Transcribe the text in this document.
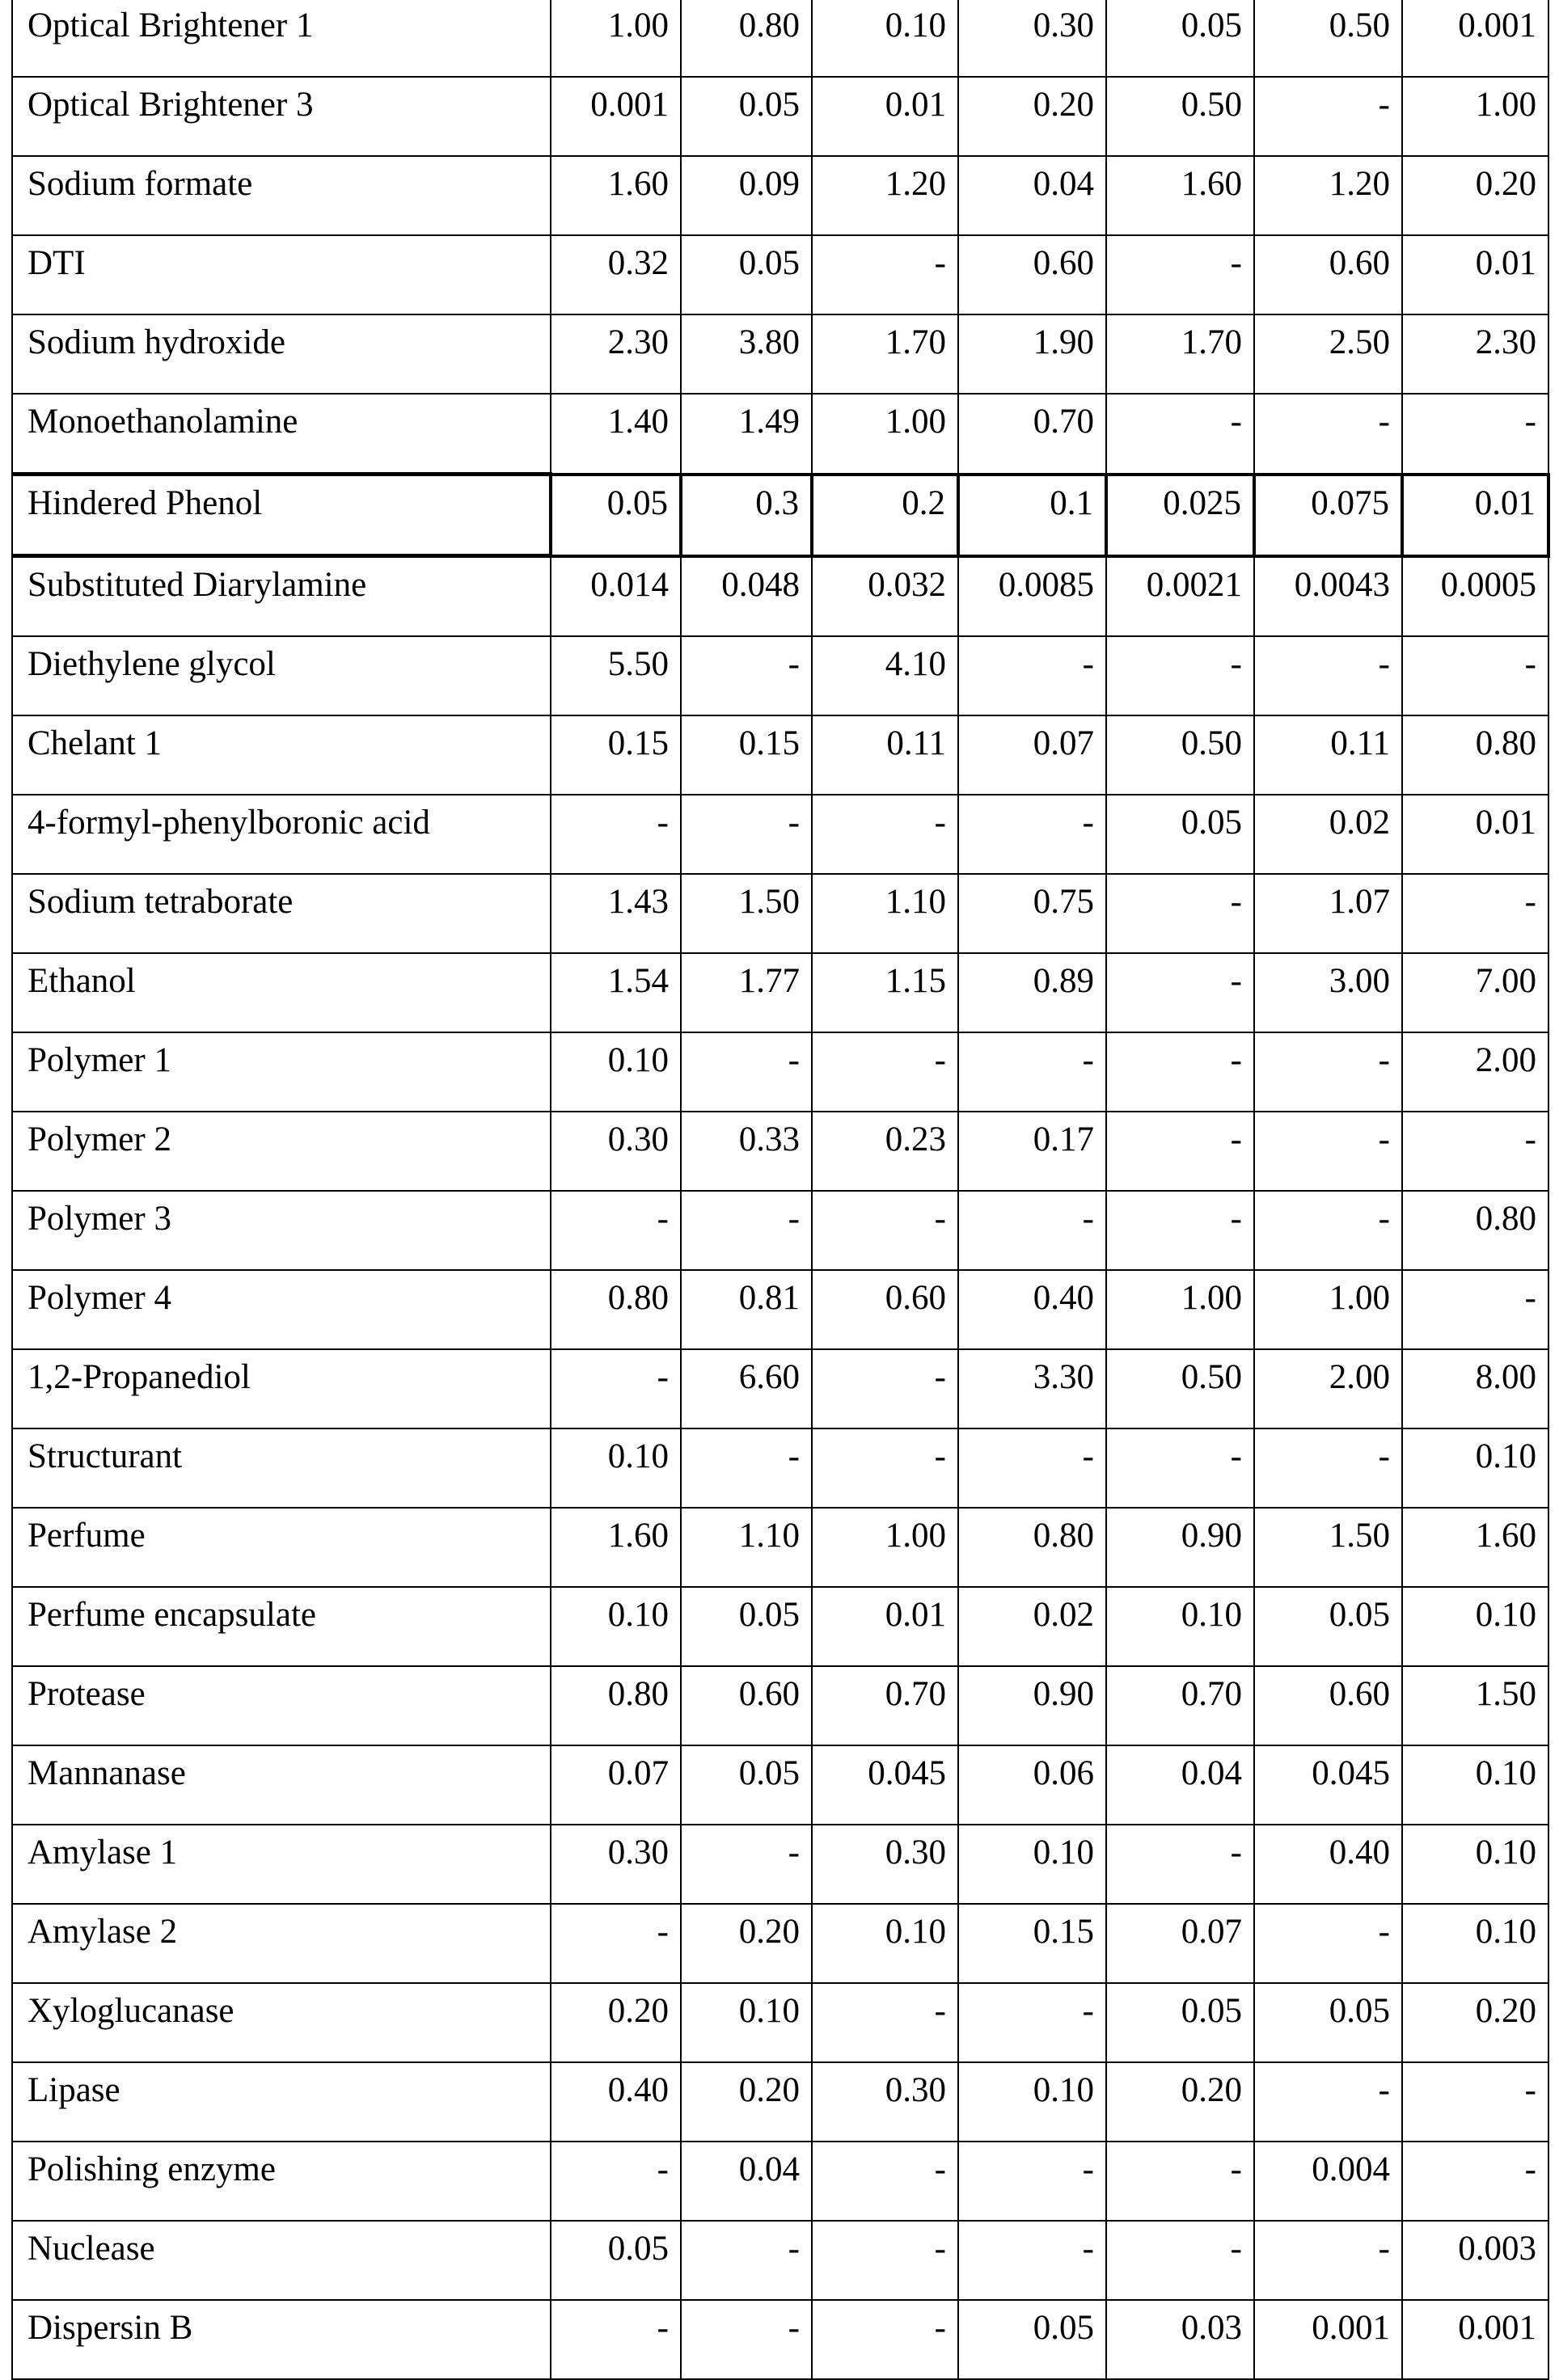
Optical Brightener 1	1.00	0.80	0.10	0.30	0.05	0.50	0.001
Optical Brightener 3	0.001	0.05	0.01	0.20	0.50	-	1.00
Sodium formate	1.60	0.09	1.20	0.04	1.60	1.20	0.20
DTI	0.32	0.05	-	0.60	-	0.60	0.01
Sodium hydroxide	2.30	3.80	1.70	1.90	1.70	2.50	2.30
Monoethanolamine	1.40	1.49	1.00	0.70	-	-	-
Hindered Phenol	0.05	0.3	0.2	0.1	0.025	0.075	0.01
Substituted Diarylamine	0.014	0.048	0.032	0.0085	0.0021	0.0043	0.0005
Diethylene glycol	5.50	-	4.10	-	-	-	-
Chelant 1	0.15	0.15	0.11	0.07	0.50	0.11	0.80
4-formyl-phenylboronic acid	-	-	-	-	0.05	0.02	0.01
Sodium tetraborate	1.43	1.50	1.10	0.75	-	1.07	-
Ethanol	1.54	1.77	1.15	0.89	-	3.00	7.00
Polymer 1	0.10	-	-	-	-	-	2.00
Polymer 2	0.30	0.33	0.23	0.17	-	-	-
Polymer 3	-	-	-	-	-	-	0.80
Polymer 4	0.80	0.81	0.60	0.40	1.00	1.00	-
1,2-Propanediol	-	6.60	-	3.30	0.50	2.00	8.00
Structurant	0.10	-	-	-	-	-	0.10
Perfume	1.60	1.10	1.00	0.80	0.90	1.50	1.60
Perfume encapsulate	0.10	0.05	0.01	0.02	0.10	0.05	0.10
Protease	0.80	0.60	0.70	0.90	0.70	0.60	1.50
Mannanase	0.07	0.05	0.045	0.06	0.04	0.045	0.10
Amylase 1	0.30	-	0.30	0.10	-	0.40	0.10
Amylase 2	-	0.20	0.10	0.15	0.07	-	0.10
Xyloglucanase	0.20	0.10	-	-	0.05	0.05	0.20
Lipase	0.40	0.20	0.30	0.10	0.20	-	-
Polishing enzyme	-	0.04	-	-	-	0.004	-
Nuclease	0.05	-	-	-	-	-	0.003
Dispersin B	-	-	-	0.05	0.03	0.001	0.001
